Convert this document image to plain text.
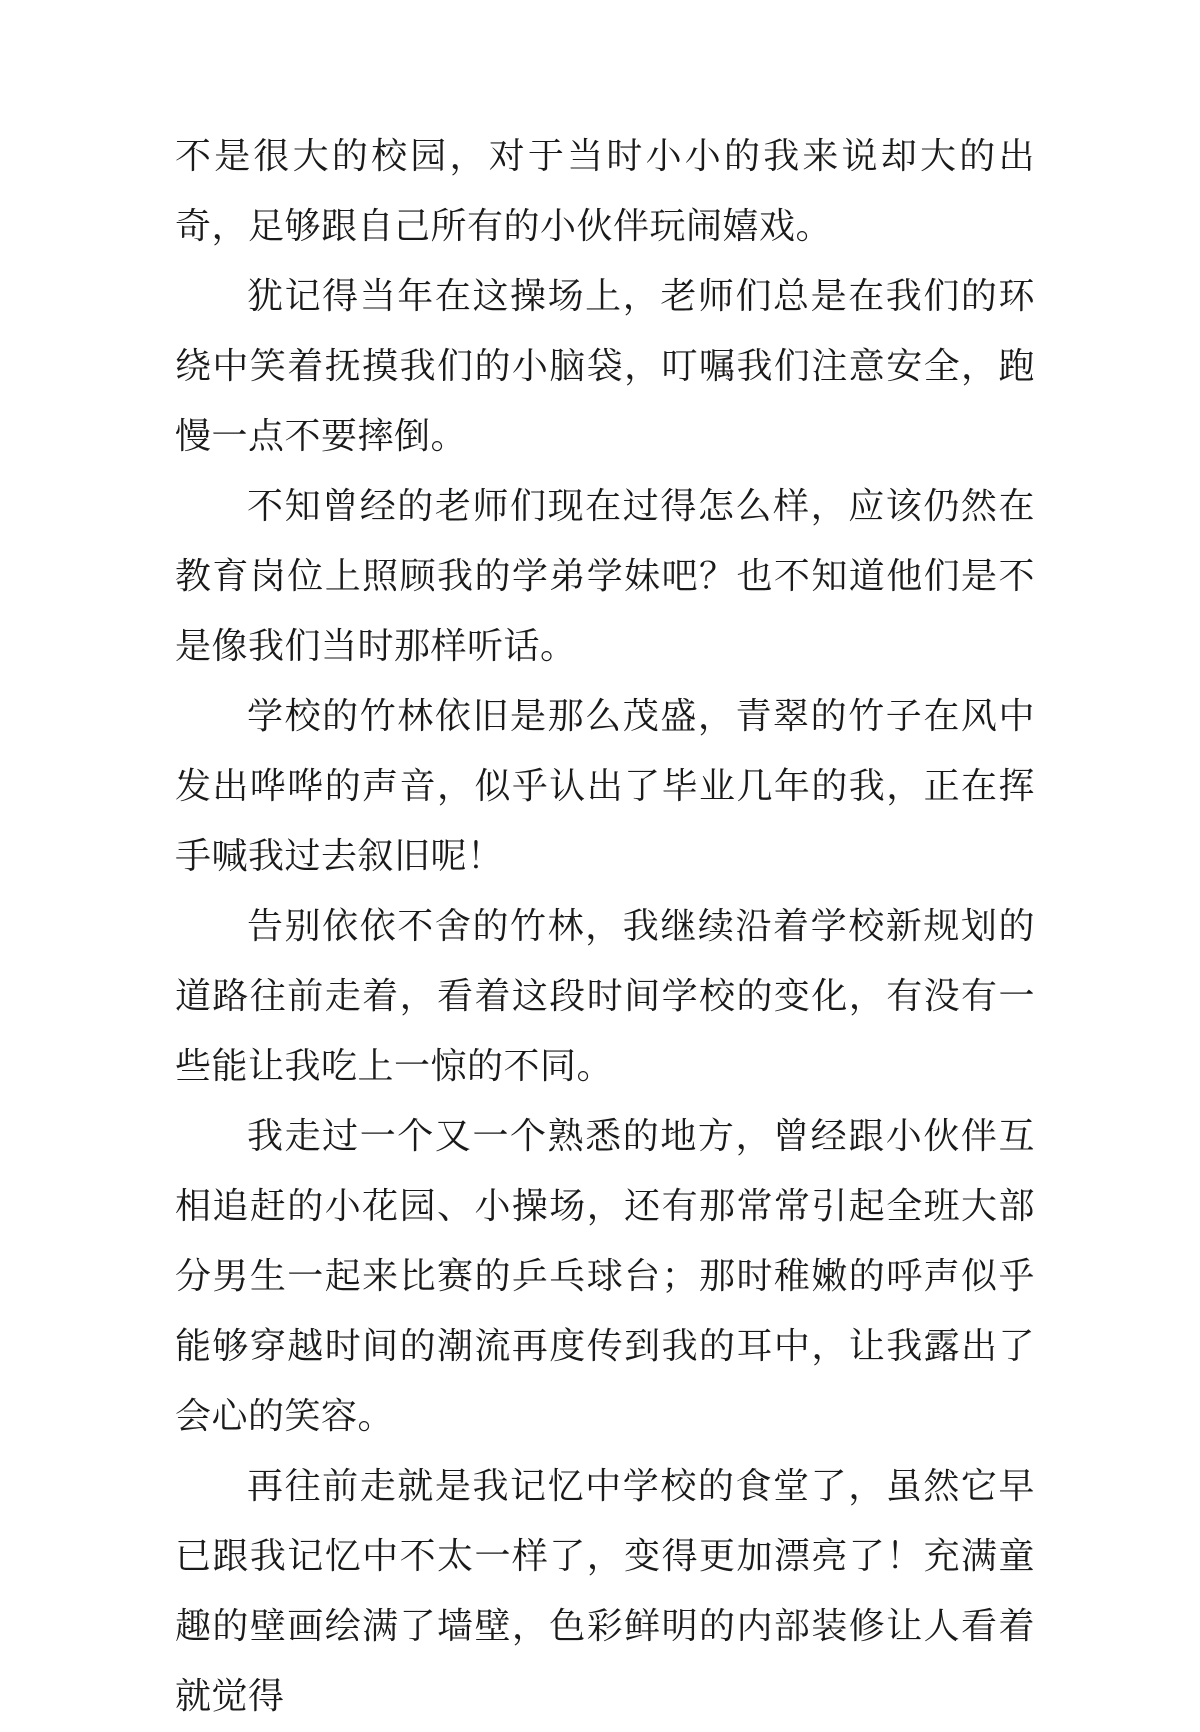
不是很大的校园，对于当时小小的我来说却大的出奇，足够跟自己所有的小伙伴玩闹嬉戏。

犹记得当年在这操场上，老师们总是在我们的环绕中笑着抚摸我们的小脑袋，叮嘱我们注意安全，跑慢一点不要摔倒。

不知曾经的老师们现在过得怎么样，应该仍然在教育岗位上照顾我的学弟学妹吧？也不知道他们是不是像我们当时那样听话。

学校的竹林依旧是那么茂盛，青翠的竹子在风中发出哗哗的声音，似乎认出了毕业几年的我，正在挥手喊我过去叙旧呢！

告别依依不舍的竹林，我继续沿着学校新规划的道路往前走着，看着这段时间学校的变化，有没有一些能让我吃上一惊的不同。

我走过一个又一个熟悉的地方，曾经跟小伙伴互相追赶的小花园、小操场，还有那常常引起全班大部分男生一起来比赛的乒乓球台；那时稚嫩的呼声似乎能够穿越时间的潮流再度传到我的耳中，让我露出了会心的笑容。

再往前走就是我记忆中学校的食堂了，虽然它早已跟我记忆中不太一样了，变得更加漂亮了！充满童趣的壁画绘满了墙壁，色彩鲜明的内部装修让人看着就觉得
